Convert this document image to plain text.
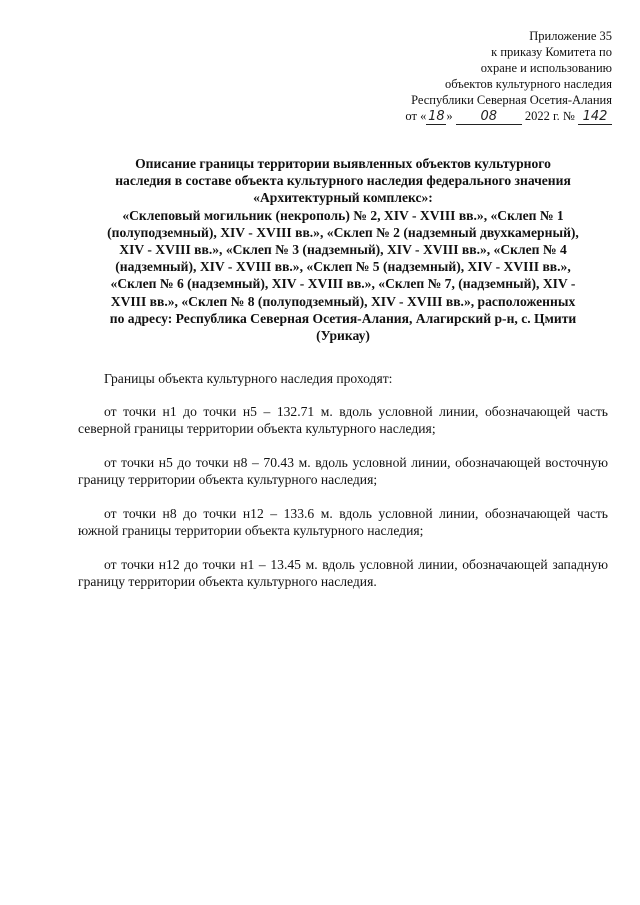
Приложение 35
к приказу Комитета по
охране и использованию
объектов культурного наследия
Республики Северная Осетия-Алания
от « 18 » 08 2022 г. № 142
Описание границы территории выявленных объектов культурного
наследия в составе объекта культурного наследия федерального значения
«Архитектурный комплекс»:
«Склеповый могильник (некрополь) № 2, XIV - XVIII вв.», «Склеп № 1
(полуподземный), XIV - XVIII вв.», «Склеп № 2 (надземный двухкамерный),
XIV - XVIII вв.», «Склеп № 3 (надземный), XIV - XVIII вв.», «Склеп № 4
(надземный), XIV - XVIII вв.», «Склеп № 5 (надземный), XIV - XVIII вв.»,
«Склеп № 6 (надземный), XIV - XVIII вв.», «Склеп № 7, (надземный), XIV -
XVIII вв.», «Склеп № 8 (полуподземный), XIV - XVIII вв.», расположенных
по адресу: Республика Северная Осетия-Алания, Алагирский р-н, с. Цмити
(Урикау)

Границы объекта культурного наследия проходят:

от точки н1 до точки н5 – 132.71 м. вдоль условной линии, обозначающей часть северной границы территории объекта культурного наследия;

от точки н5 до точки н8 – 70.43 м. вдоль условной линии, обозначающей восточную границу территории объекта культурного наследия;

от точки н8 до точки н12 – 133.6 м. вдоль условной линии, обозначающей часть южной границы территории объекта культурного наследия;

от точки н12 до точки н1 – 13.45 м. вдоль условной линии, обозначающей западную границу территории объекта культурного наследия.
